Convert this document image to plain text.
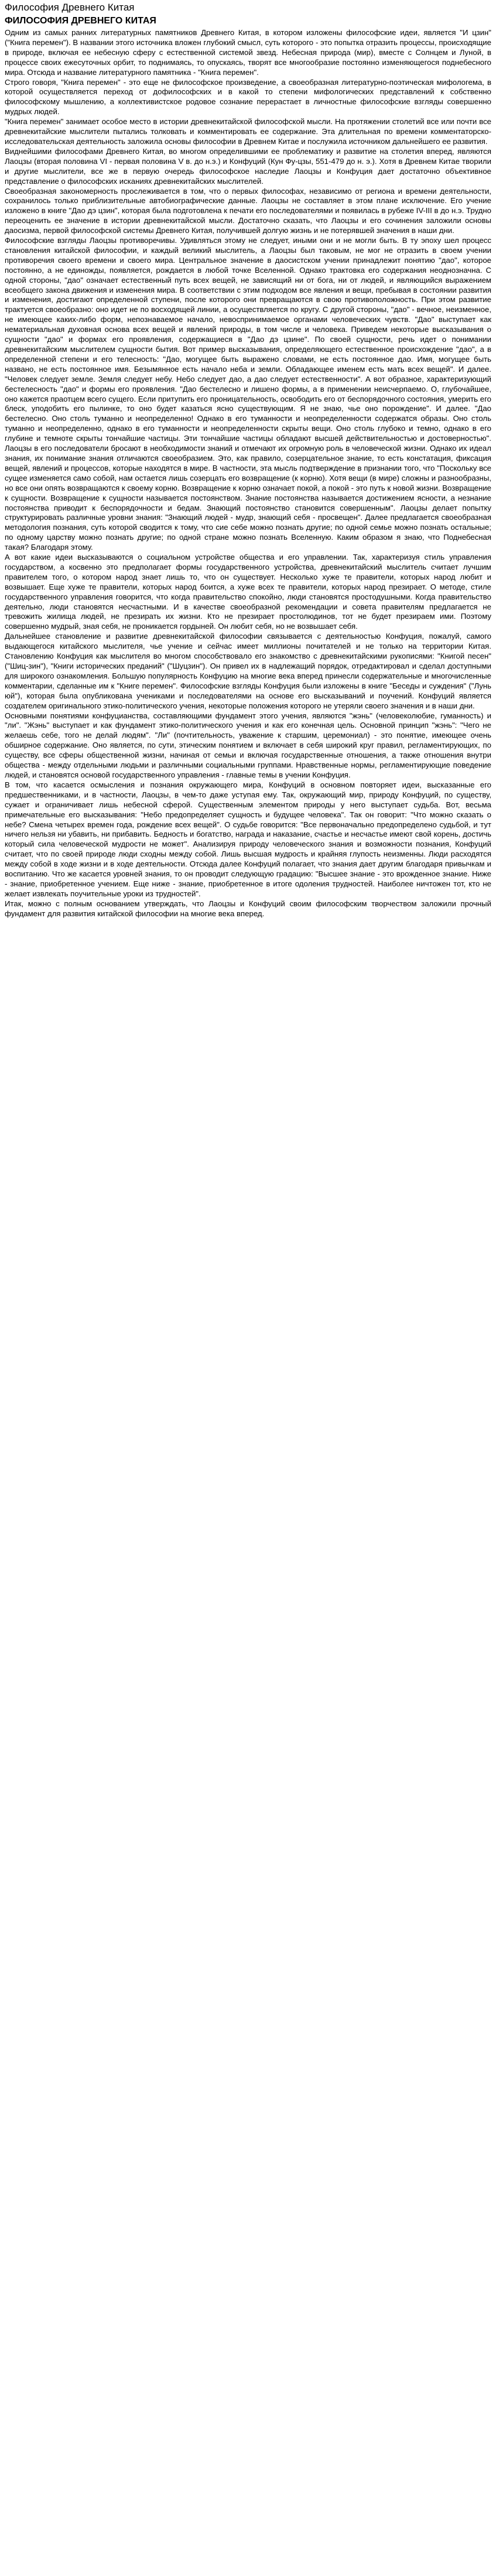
Философия Древнего Китая
ФИЛОСОФИЯ ДРЕВНЕГО КИТАЯ

Одним из самых ранних литературных памятников Древнего Китая, в котором изложены философские идеи, является "И цзин" ("Книга перемен"). В названии этого источника вложен глубокий смысл, суть которого - это попытка отразить процессы, происходящие в природе, включая ее небесную сферу с естественной системой звезд. Небесная природа (мир), вместе с Солнцем и Луной, в процессе своих ежесуточных орбит, то поднимаясь, то опускаясь, творят все многообразие постоянно изменяющегося поднебесного мира. Отсюда и название литературного памятника - "Книга перемен".

Строго говоря, "Книга перемен" - это еще не философское произведение, а своеобразная литературно-поэтическая мифологема, в которой осуществляется переход от дофилософских и в какой то степени мифологических представлений к собственно философскому мышлению, а коллективистское родовое сознание перерастает в личностные философские взгляды совершенно мудрых людей.

"Книга перемен" занимает особое место в истории древнекитайской философской мысли. На протяжении столетий все или почти все древнекитайские мыслители пытались толковать и комментировать ее содержание. Эта длительная по времени комментаторско-исследовательская деятельность заложила основы философии в Древнем Китае и послужила источником дальнейшего ее развития.

Виднейшими философами Древнего Китая, во многом определившими ее проблематику и развитие на столетия вперед, являются Лаоцзы (вторая половина VI - первая половина V в. до н.э.) и Конфуций (Кун Фу-цзы, 551-479 до н. э.). Хотя в Древнем Китае творили и другие мыслители, все же в первую очередь философское наследие Лаоцзы и Конфуция дает достаточно объективное представление о философских исканиях древнекитайских мыслителей.

Своеобразная закономерность прослеживается в том, что о первых философах, независимо от региона и времени деятельности, сохранилось только приблизительные автобиографические данные. Лаоцзы не составляет в этом плане исключение. Его учение изложено в книге "Дао дэ цзин", которая была подготовлена к печати его последователями и появилась в рубеже IV-III в до н.э. Трудно переоценить ее значение в истории древнекитайской мысли. Достаточно сказать, что Лаоцзы и его сочинения заложили основы даосизма, первой философской системы Древнего Китая, получившей долгую жизнь и не потерявшей значения в наши дни.

Философские взгляды Лаоцзы противоречивы. Удивляться этому не следует, иными они и не могли быть. В ту эпоху шел процесс становления китайской философии, и каждый великий мыслитель, а Лаоцзы был таковым, не мог не отразить в своем учении противоречия своего времени и своего мира. Центральное значение в даосистском учении принадлежит понятию "дао", которое постоянно, а не единожды, появляется, рождается в любой точке Вселенной. Однако трактовка его содержания неоднозначна. С одной стороны, "дао" означает естественный путь всех вещей, не зависящий ни от бога, ни от людей, и являющийся выражением всеобщего закона движения и изменения мира. В соответствии с этим подходом все явления и вещи, пребывая в состоянии развития и изменения, достигают определенной ступени, после которого они превращаются в свою противоположность. При этом развитие трактуется своеобразно: оно идет не по восходящей линии, а осуществляется по кругу. С другой стороны, "дао" - вечное, неизменное, не имеющее каких-либо форм, непознаваемое начало, невоспринимаемое органами человеческих чувств. "Дао" выступает как нематериальная духовная основа всех вещей и явлений природы, в том числе и человека. Приведем некоторые высказывания о сущности "дао" и формах его проявления, содержащиеся в "Дао дэ цзине". По своей сущности, речь идет о понимании древнекитайским мыслителем сущности бытия. Вот пример высказывания, определяющего естественное происхождение "дао", а в определенной степени и его телесность: "Дао, могущее быть выражено словами, не есть постоянное дао. Имя, могущее быть названо, не есть постоянное имя. Безымянное есть начало неба и земли. Обладающее именем есть мать всех вещей". И далее. "Человек следует земле. Земля следует небу. Небо следует дао, а дао следует естественности". А вот образное, характеризующий бестелесность "дао" и формы его проявления. "Дао бестелесно и лишено формы, а в применении неисчерпаемо. О, глубочайшее, оно кажется праотцем всего сущего. Если притупить его проницательность, освободить его от беспорядочного состояния, умерить его блеск, уподобить его пылинке, то оно будет казаться ясно существующим. Я не знаю, чье оно порождение". И далее. "Дао бестелесно. Оно столь туманно и неопределенно! Однако в его туманности и неопределенности содержатся образы. Оно столь туманно и неопределенно, однако в его туманности и неопределенности скрыты вещи. Оно столь глубоко и темно, однако в его глубине и темноте скрыты тончайшие частицы. Эти тончайшие частицы обладают высшей действительностью и достоверностью". Лаоцзы в его последователи бросают в необходимости знаний и отмечают их огромную роль в человеческой жизни. Однако их идеал знания, их понимание знания отличаются своеобразием. Это, как правило, созерцательное знание, то есть констатация, фиксация вещей, явлений и процессов, которые находятся в мире. В частности, эта мысль подтверждение в признании того, что "Поскольку все сущее изменяется само собой, нам остается лишь созерцать его возвращение (к корню). Хотя вещи (в мире) сложны и разнообразны, но все они опять возвращаются к своему корню. Возвращение к корню означает покой, а покой - это путь к новой жизни. Возвращение к сущности. Возвращение к сущности называется постоянством. Знание постоянства называется достижением ясности, а незнание постоянства приводит к беспорядочности и бедам. Знающий постоянство становится совершенным". Лаоцзы делает попытку структурировать различные уровни знания: "Знающий людей - мудр, знающий себя - просвещен". Далее предлагается своеобразная методология познания, суть которой сводится к тому, что сие себе можно познать другие; по одной семье можно познать остальные; по одному царству можно познать другие; по одной стране можно познать Вселенную. Каким образом я знаю, что Поднебесная такая? Благодаря этому.

А вот какие идеи высказываются о социальном устройстве общества и его управлении. Так, характеризуя стиль управления государством, а косвенно это предполагает формы государственного устройства, древнекитайский мыслитель считает лучшим правителем того, о котором народ знает лишь то, что он существует. Несколько хуже те правители, которых народ любит и возвышает. Еще хуже те правители, которых народ боится, а хуже всех те правители, которых народ презирает. О методе, стиле государственного управления говорится, что когда правительство спокойно, люди становятся простодушными. Когда правительство деятельно, люди становятся несчастными. И в качестве своеобразной рекомендации и совета правителям предлагается не тревожить жилища людей, не презирать их жизни. Кто не презирает простолюдинов, тот не будет презираем ими. Поэтому совершенно мудрый, зная себя, не проникается гордыней. Он любит себя, но не возвышает себя.

Дальнейшее становление и развитие древнекитайской философии связывается с деятельностью Конфуция, пожалуй, самого выдающегося китайского мыслителя, чье учение и сейчас имеет миллионы почитателей и не только на территории Китая. Становлению Конфуция как мыслителя во многом способствовало его знакомство с древнекитайскими рукописями: "Книгой песен" ("Шиц-зин"), "Книги исторических преданий" ("Шуцзин"). Он привел их в надлежащий порядок, отредактировал и сделал доступными для широкого ознакомления. Большую популярность Конфуцию на многие века вперед принесли содержательные и многочисленные комментарии, сделанные им к "Книге перемен". Философские взгляды Конфуция были изложены в книге "Беседы и суждения" ("Лунь юй"), которая была опубликована учениками и последователями на основе его высказываний и поучений. Конфуций является создателем оригинального этико-политического учения, некоторые положения которого не утеряли своего значения и в наши дни.

Основными понятиями конфуцианства, составляющими фундамент этого учения, являются "жэнь" (человеколюбие, гуманность) и "ли". "Жэнь" выступает и как фундамент этико-политического учения и как его конечная цель. Основной принцип "жэнь": "Чего не желаешь себе, того не делай людям". "Ли" (почтительность, уважение к старшим, церемониал) - это понятие, имеющее очень обширное содержание. Оно является, по сути, этическим понятием и включает в себя широкий круг правил, регламентирующих, по существу, все сферы общественной жизни, начиная от семьи и включая государственные отношения, а также отношения внутри общества - между отдельными людьми и различными социальными группами. Нравственные нормы, регламентирующие поведение людей, и становятся основой государственного управления - главные темы в учении Конфуция.

В том, что касается осмысления и познания окружающего мира, Конфуций в основном повторяет идеи, высказанные его предшественниками, и в частности, Лаоцзы, в чем-то даже уступая ему. Так, окружающий мир, природу Конфуций, по существу, сужает и ограничивает лишь небесной сферой. Существенным элементом природы у него выступает судьба. Вот, весьма примечательные его высказывания: "Небо предопределяет сущность и будущее человека". Так он говорит: "Что можно сказать о небе? Смена четырех времен года, рождение всех вещей". О судьбе говорится: "Все первоначально предопределено судьбой, и тут ничего нельзя ни убавить, ни прибавить. Бедность и богатство, награда и наказание, счастье и несчастье имеют свой корень, достичь который сила человеческой мудрости не может". Анализируя природу человеческого знания и возможности познания, Конфуций считает, что по своей природе люди сходны между собой. Лишь высшая мудрость и крайняя глупость неизменны. Люди расходятся между собой в ходе жизни и в ходе деятельности. Отсюда далее Конфуций полагает, что знания дает другим благодаря привычкам и воспитанию. Что же касается уровней знания, то он проводит следующую градацию: "Высшее знание - это врожденное знание. Ниже - знание, приобретенное учением. Еще ниже - знание, приобретенное в итоге одоления трудностей. Наиболее ничтожен тот, кто не желает извлекать поучительные уроки из трудностей".

Итак, можно с полным основанием утверждать, что Лаоцзы и Конфуций своим философским творчеством заложили прочный фундамент для развития китайской философии на многие века вперед.
